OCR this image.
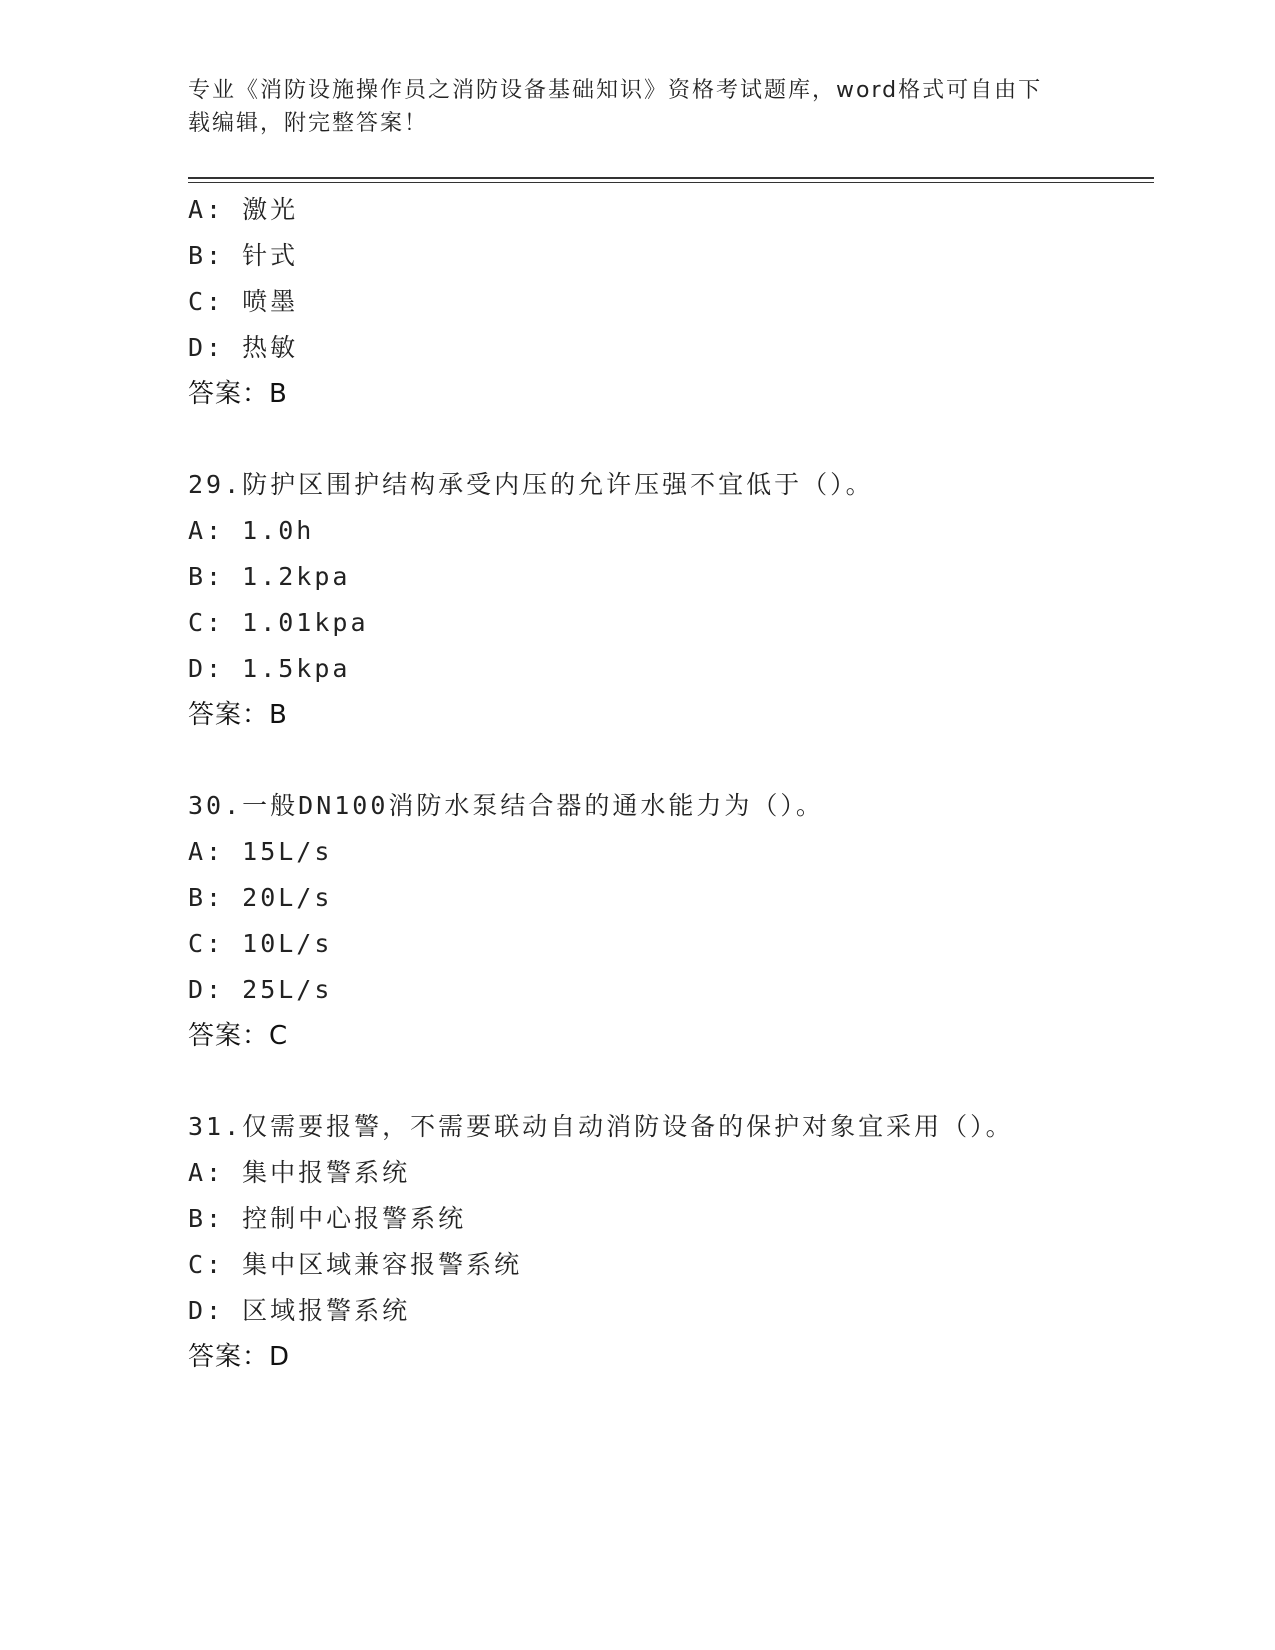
专业《消防设施操作员之消防设备基础知识》资格考试题库，word格式可自由下
载编辑，附完整答案！
A: 激光
B: 针式
C: 喷墨
D: 热敏
答案：B
29.防护区围护结构承受内压的允许压强不宜低于（）。
A: 1.0h
B: 1.2kpa
C: 1.01kpa
D: 1.5kpa
答案：B
30.一般DN100消防水泵结合器的通水能力为（）。
A: 15L/s
B: 20L/s
C: 10L/s
D: 25L/s
答案：C
31.仅需要报警，不需要联动自动消防设备的保护对象宜采用（）。
A: 集中报警系统
B: 控制中心报警系统
C: 集中区域兼容报警系统
D: 区域报警系统
答案：D
